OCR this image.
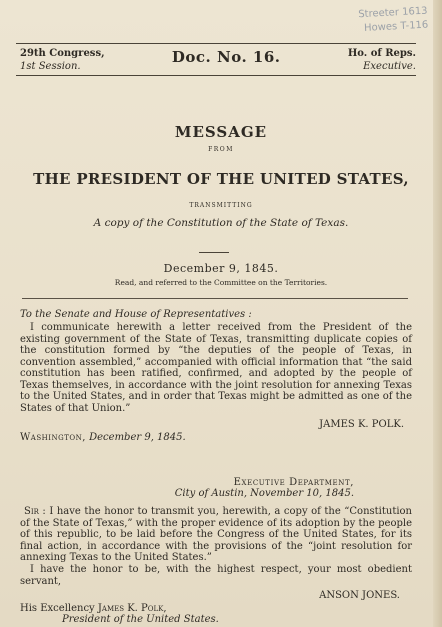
Streeter 1613
Howes T-116
29th Congress,
1st Session.
Doc. No. 16.	Ho. of Reps.
Executive.
MESSAGE
FROM
THE PRESIDENT OF THE UNITED STATES,
TRANSMITTING
A copy of the Constitution of the State of Texas.
December 9, 1845.
Read, and referred to the Committee on the Territories.
To the Senate and House of Representatives :
I communicate herewith a letter received from the President of the existing government of the State of Texas, transmitting duplicate copies of the constitution formed by “the deputies of the people of Texas, in convention assembled,” accompanied with official information that “the said constitution has been ratified, confirmed, and adopted by the people of Texas themselves, in accordance with the joint resolution for annexing Texas to the United States, and in order that Texas might be admitted as one of the States of that Union.”
JAMES K. POLK.
Washington, December 9, 1845.
Executive Department,
City of Austin, November 10, 1845.
Sir : I have the honor to transmit you, herewith, a copy of the “Constitution of the State of Texas,” with the proper evidence of its adoption by the people of this republic, to be laid before the Congress of the United States, for its final action, in accordance with the provisions of the “joint resolution for annexing Texas to the United States.”
I have the honor to be, with the highest respect, your most obedient servant,
ANSON JONES.
His Excellency James K. Polk,
President of the United States.
